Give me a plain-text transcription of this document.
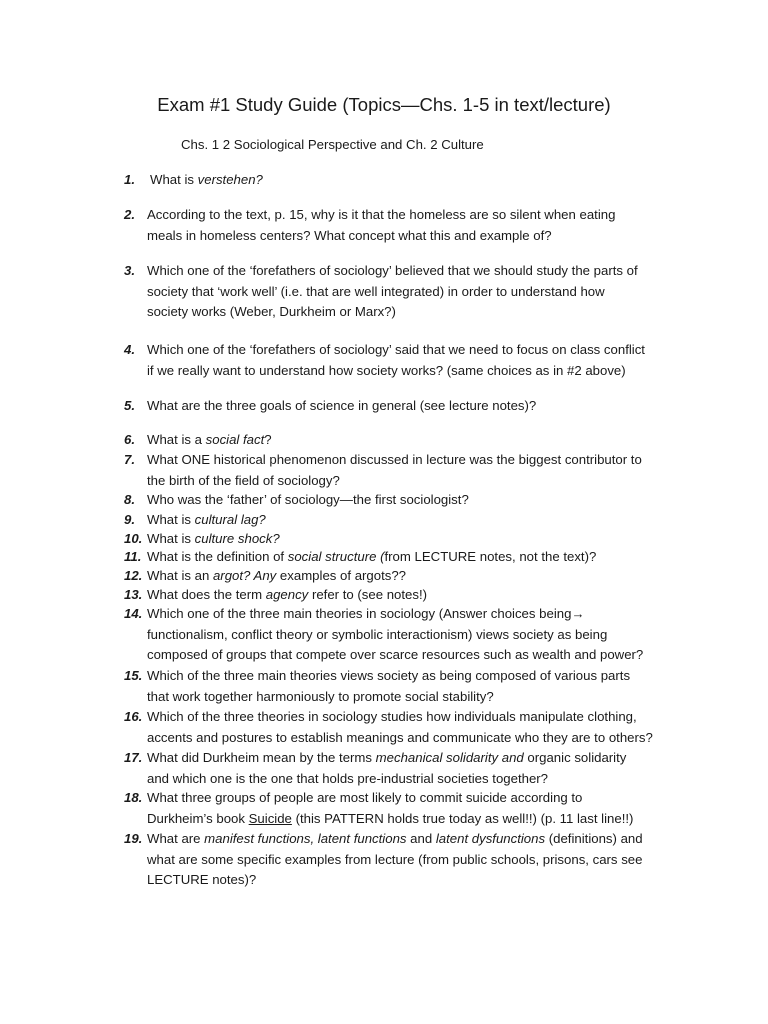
Exam #1 Study Guide (Topics—Chs. 1-5 in text/lecture)
Chs. 1 2 Sociological Perspective and Ch. 2 Culture
1. What is verstehen?
2. According to the text, p. 15, why is it that the homeless are so silent when eating
meals in homeless centers? What concept what this and example of?
3. Which one of the ‘forefathers of sociology’ believed that we should study the parts of
society that ‘work well’ (i.e. that are well integrated) in order to understand how
society works (Weber, Durkheim or Marx?)
4. Which one of the ‘forefathers of sociology’ said that we need to focus on class conflict
if we really want to understand how society works? (same choices as in #2 above)
5. What are the three goals of science in general (see lecture notes)?
6. What is a social fact?
7. What ONE historical phenomenon discussed in lecture was the biggest contributor to
the birth of the field of sociology?
8. Who was the ‘father’ of sociology—the first sociologist?
9. What is cultural lag?
10. What is culture shock?
11. What is the definition of social structure (from LECTURE notes, not the text)?
12. What is an argot? Any examples of argots??
13. What does the term agency refer to (see notes!)
14. Which one of the three main theories in sociology (Answer choices being→
functionalism, conflict theory or symbolic interactionism) views society as being
composed of groups that compete over scarce resources such as wealth and power?
15. Which of the three main theories views society as being composed of various parts
that work together harmoniously to promote social stability?
16. Which of the three theories in sociology studies how individuals manipulate clothing,
accents and postures to establish meanings and communicate who they are to others?
17. What did Durkheim mean by the terms mechanical solidarity and organic solidarity
and which one is the one that holds pre-industrial societies together?
18. What three groups of people are most likely to commit suicide according to
Durkheim’s book Suicide (this PATTERN holds true today as well!!) (p. 11 last line!!)
19. What are manifest functions, latent functions and latent dysfunctions (definitions) and
what are some specific examples from lecture (from public schools, prisons, cars see
LECTURE notes)?
